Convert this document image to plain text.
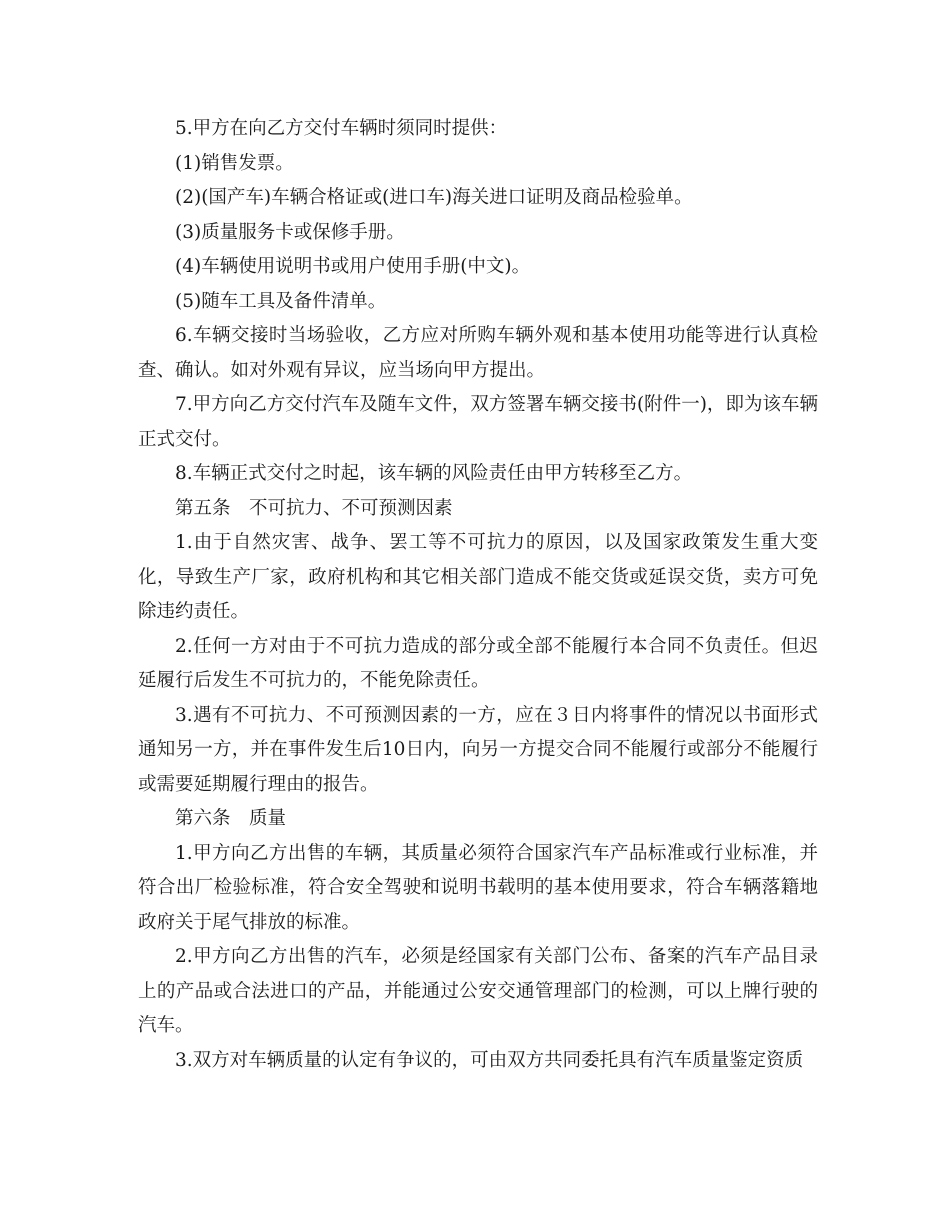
5.甲方在向乙方交付车辆时须同时提供：

(1)销售发票。

(2)(国产车)车辆合格证或(进口车)海关进口证明及商品检验单。

(3)质量服务卡或保修手册。

(4)车辆使用说明书或用户使用手册(中文)。

(5)随车工具及备件清单。

6.车辆交接时当场验收，乙方应对所购车辆外观和基本使用功能等进行认真检查、确认。如对外观有异议，应当场向甲方提出。

7.甲方向乙方交付汽车及随车文件，双方签署车辆交接书(附件一)，即为该车辆正式交付。

8.车辆正式交付之时起，该车辆的风险责任由甲方转移至乙方。

第五条　不可抗力、不可预测因素

1.由于自然灾害、战争、罢工等不可抗力的原因，以及国家政策发生重大变化，导致生产厂家，政府机构和其它相关部门造成不能交货或延误交货，卖方可免除违约责任。

2.任何一方对由于不可抗力造成的部分或全部不能履行本合同不负责任。但迟延履行后发生不可抗力的，不能免除责任。

3.遇有不可抗力、不可预测因素的一方，应在３日内将事件的情况以书面形式通知另一方，并在事件发生后10日内，向另一方提交合同不能履行或部分不能履行或需要延期履行理由的报告。

第六条　质量

1.甲方向乙方出售的车辆，其质量必须符合国家汽车产品标准或行业标准，并符合出厂检验标准，符合安全驾驶和说明书载明的基本使用要求，符合车辆落籍地政府关于尾气排放的标准。

2.甲方向乙方出售的汽车，必须是经国家有关部门公布、备案的汽车产品目录上的产品或合法进口的产品，并能通过公安交通管理部门的检测，可以上牌行驶的汽车。

3.双方对车辆质量的认定有争议的，可由双方共同委托具有汽车质量鉴定资质
